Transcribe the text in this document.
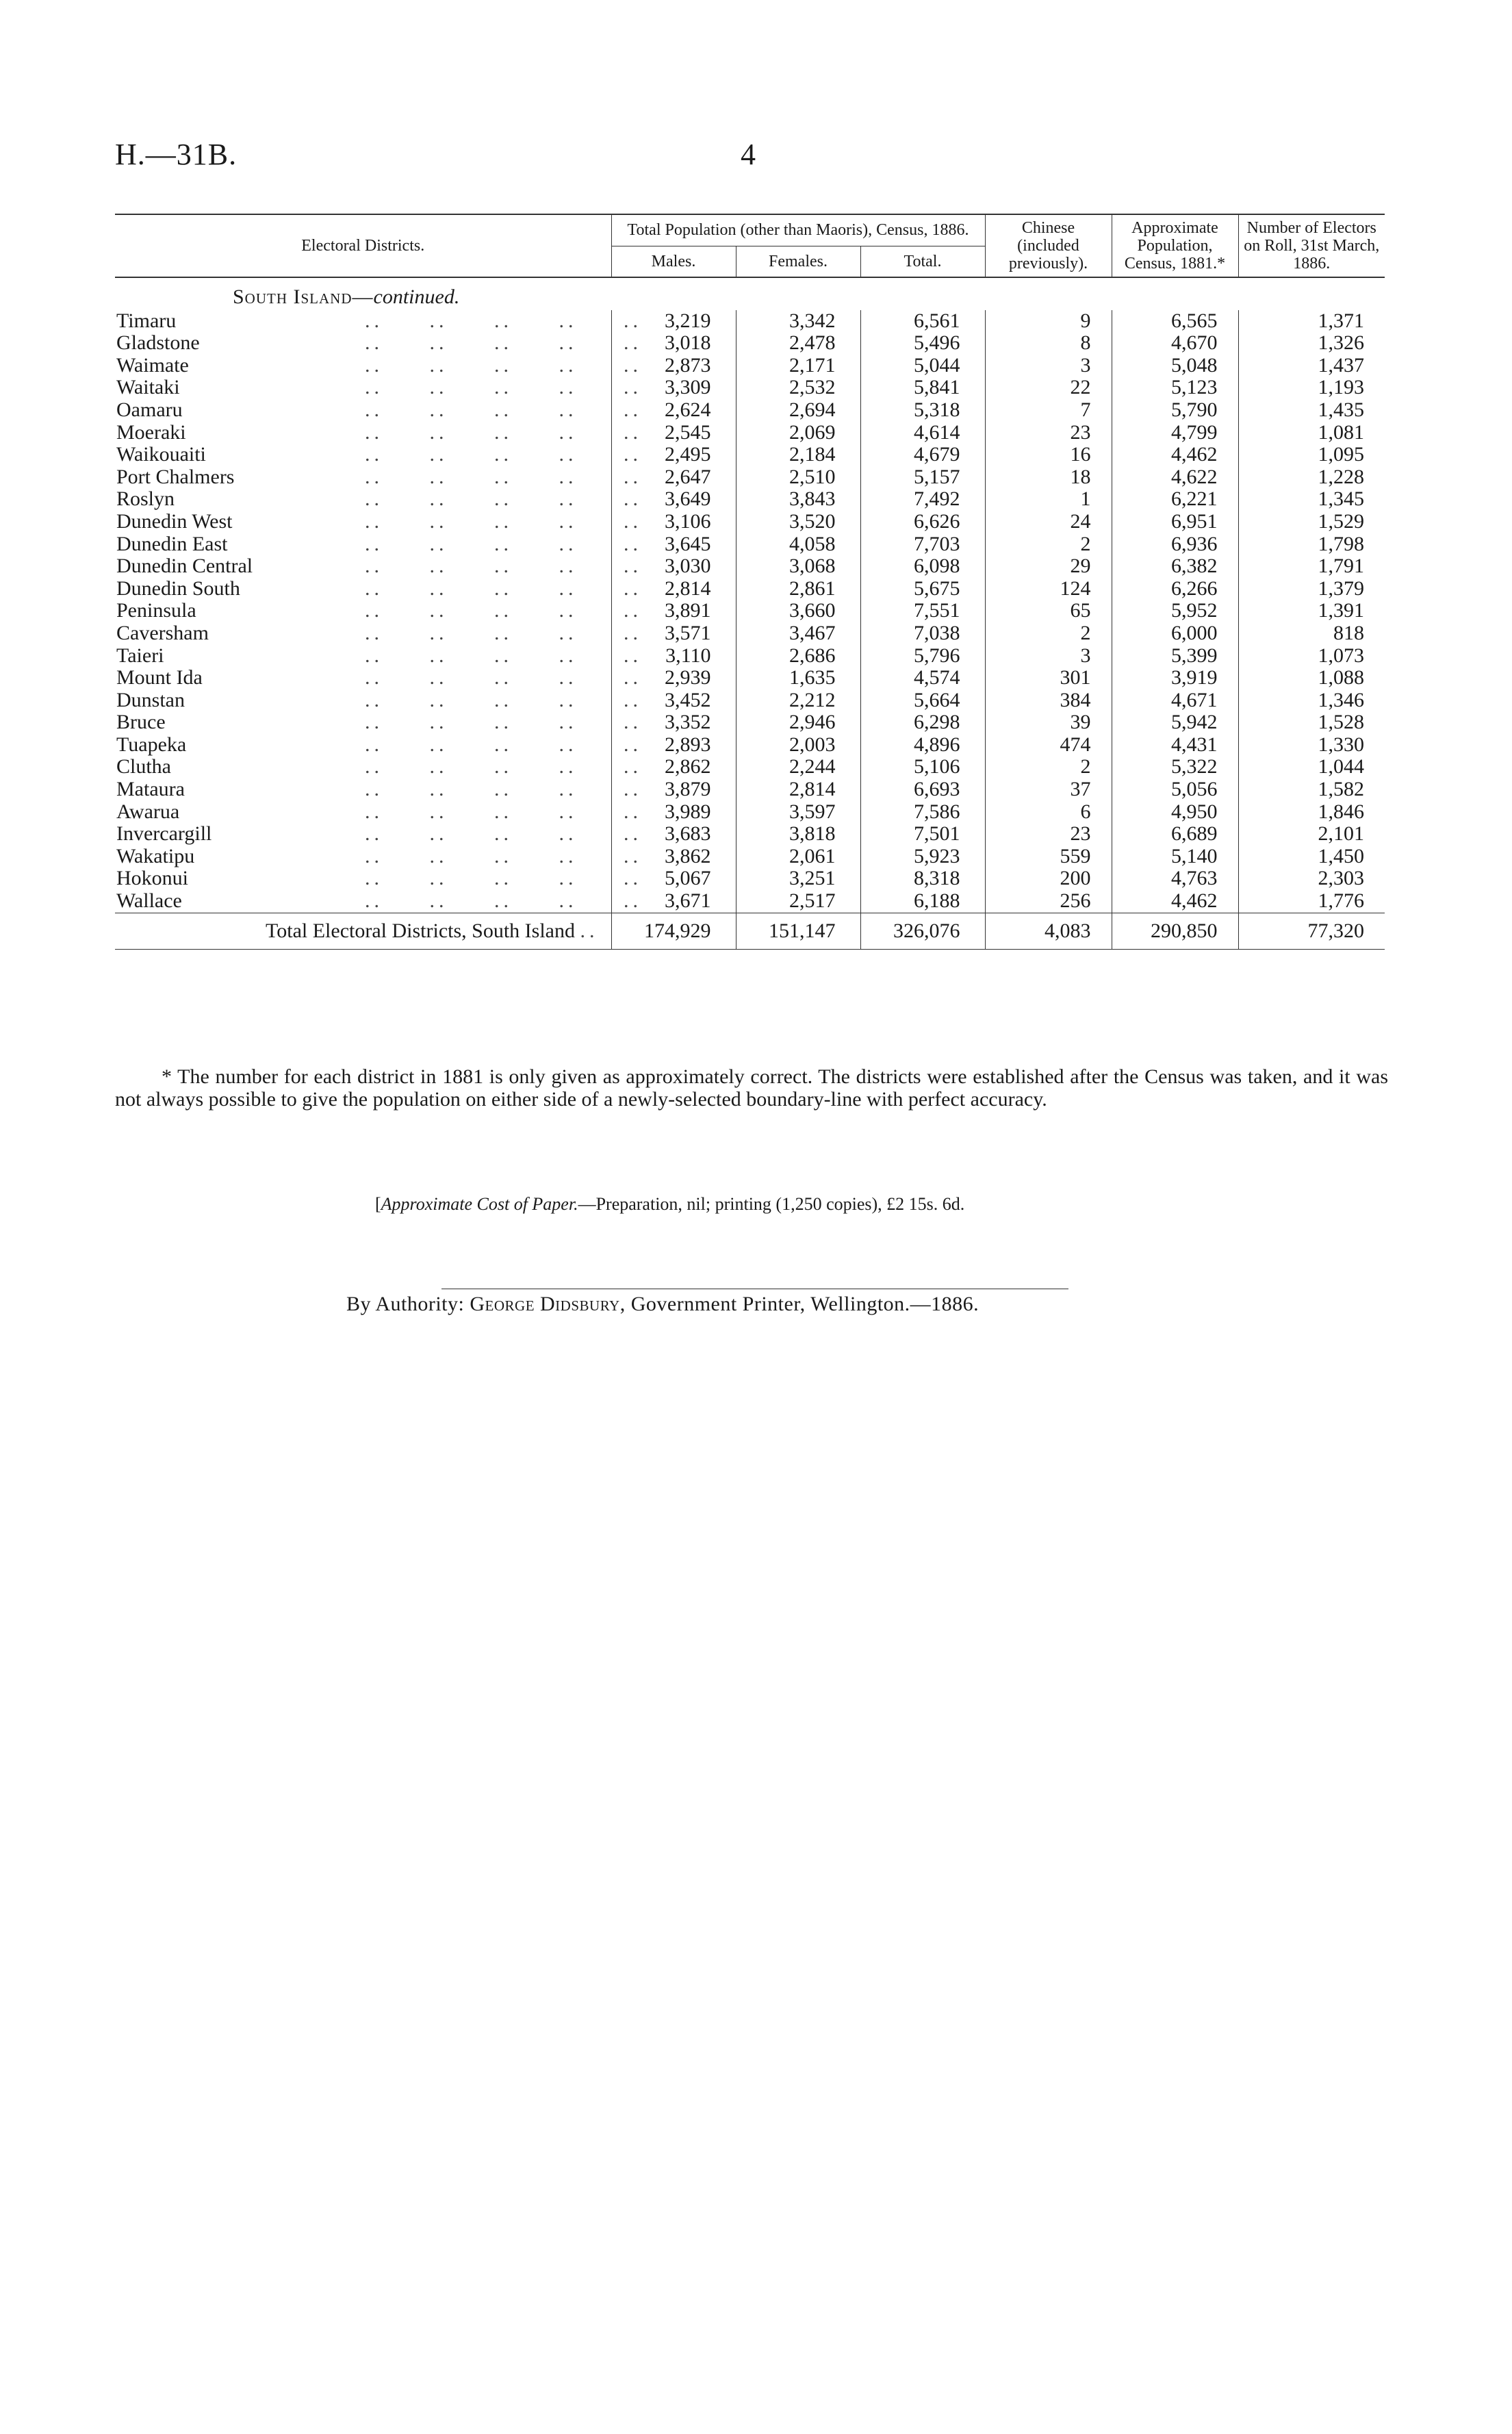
H.—31B.	4
Electoral Districts.	Total Population (other than Maoris), Census, 1886.			Chinese (included previously).	Approximate Population, Census, 1881.*	Number of Electors on Roll, 31st March, 1886.
	Males.	Females.	Total.			
South Island—continued.						
Timaru ..     ..     ..     ..     ..	3,219	3,342	6,561	9	6,565	1,371
Gladstone ..     ..     ..     ..     ..	3,018	2,478	5,496	8	4,670	1,326
Waimate ..     ..     ..     ..     ..	2,873	2,171	5,044	3	5,048	1,437
Waitaki ..     ..     ..     ..     ..	3,309	2,532	5,841	22	5,123	1,193
Oamaru ..     ..     ..     ..     ..	2,624	2,694	5,318	7	5,790	1,435
Moeraki ..     ..     ..     ..     ..	2,545	2,069	4,614	23	4,799	1,081
Waikouaiti ..     ..     ..     ..     ..	2,495	2,184	4,679	16	4,462	1,095
Port Chalmers ..     ..     ..     ..     ..	2,647	2,510	5,157	18	4,622	1,228
Roslyn ..     ..     ..     ..     ..	3,649	3,843	7,492	1	6,221	1,345
Dunedin West ..     ..     ..     ..     ..	3,106	3,520	6,626	24	6,951	1,529
Dunedin East ..     ..     ..     ..     ..	3,645	4,058	7,703	2	6,936	1,798
Dunedin Central ..     ..     ..     ..     ..	3,030	3,068	6,098	29	6,382	1,791
Dunedin South ..     ..     ..     ..     ..	2,814	2,861	5,675	124	6,266	1,379
Peninsula ..     ..     ..     ..     ..	3,891	3,660	7,551	65	5,952	1,391
Caversham ..     ..     ..     ..     ..	3,571	3,467	7,038	2	6,000	818
Taieri ..     ..     ..     ..     ..	3,110	2,686	5,796	3	5,399	1,073
Mount Ida ..     ..     ..     ..     ..	2,939	1,635	4,574	301	3,919	1,088
Dunstan ..     ..     ..     ..     ..	3,452	2,212	5,664	384	4,671	1,346
Bruce ..     ..     ..     ..     ..	3,352	2,946	6,298	39	5,942	1,528
Tuapeka ..     ..     ..     ..     ..	2,893	2,003	4,896	474	4,431	1,330
Clutha ..     ..     ..     ..     ..	2,862	2,244	5,106	2	5,322	1,044
Mataura ..     ..     ..     ..     ..	3,879	2,814	6,693	37	5,056	1,582
Awarua ..     ..     ..     ..     ..	3,989	3,597	7,586	6	4,950	1,846
Invercargill ..     ..     ..     ..     ..	3,683	3,818	7,501	23	6,689	2,101
Wakatipu ..     ..     ..     ..     ..	3,862	2,061	5,923	559	5,140	1,450
Hokonui ..     ..     ..     ..     ..	5,067	3,251	8,318	200	4,763	2,303
Wallace ..     ..     ..     ..     ..	3,671	2,517	6,188	256	4,462	1,776
Total Electoral Districts, South Island ..	174,929	151,147	326,076	4,083	290,850	77,320
* The number for each district in 1881 is only given as approximately correct. The districts were established after the Census was taken, and it was not always possible to give the population on either side of a newly-selected boundary-line with perfect accuracy.
[Approximate Cost of Paper.—Preparation, nil; printing (1,250 copies), £2 15s. 6d.
By Authority: George Didsbury, Government Printer, Wellington.—1886.
